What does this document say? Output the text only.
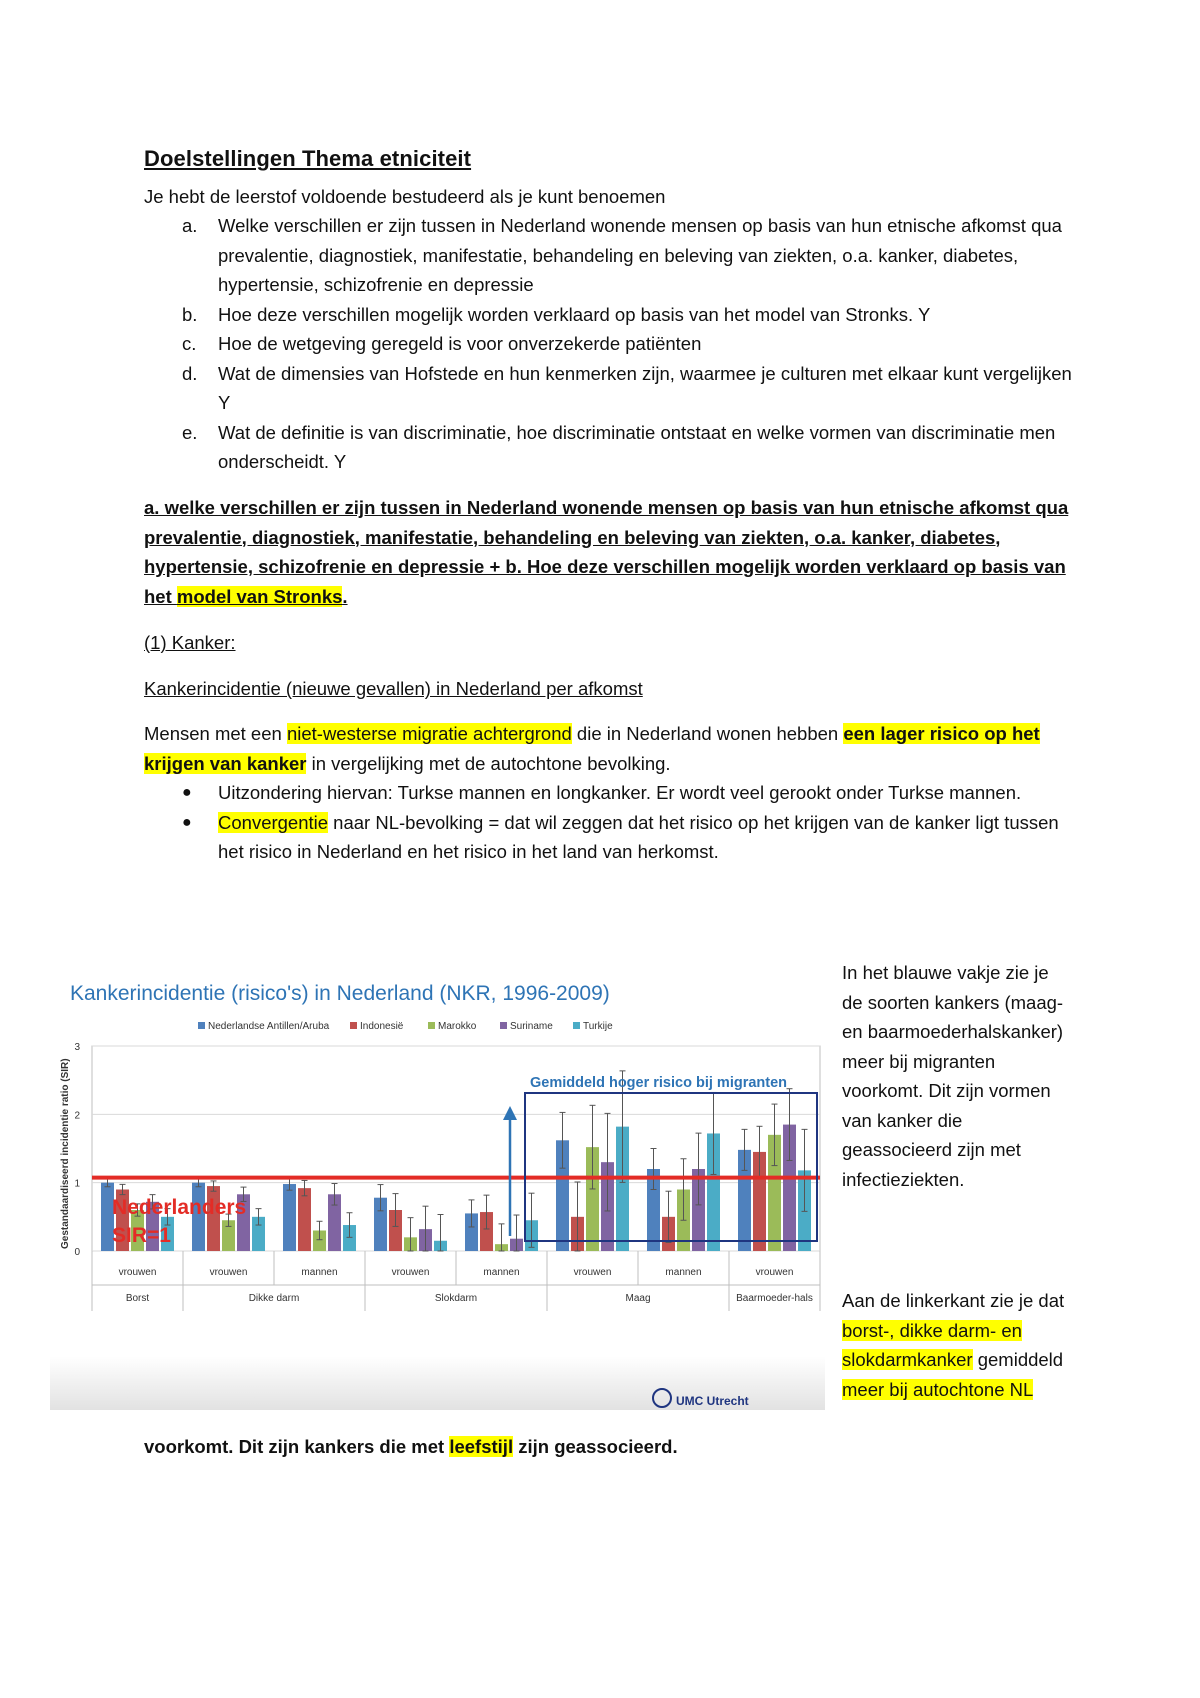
Doelstellingen Thema etniciteit
Je hebt de leerstof voldoende bestudeerd als je kunt benoemen
a. Welke verschillen er zijn tussen in Nederland wonende mensen op basis van hun etnische afkomst qua prevalentie, diagnostiek, manifestatie, behandeling en beleving van ziekten, o.a. kanker, diabetes, hypertensie, schizofrenie en depressie
b. Hoe deze verschillen mogelijk worden verklaard op basis van het model van Stronks. Y
c. Hoe de wetgeving geregeld is voor onverzekerde patiënten
d. Wat de dimensies van Hofstede en hun kenmerken zijn, waarmee je culturen met elkaar kunt vergelijken Y
e. Wat de definitie is van discriminatie, hoe discriminatie ontstaat en welke vormen van discriminatie men onderscheidt. Y
a. welke verschillen er zijn tussen in Nederland wonende mensen op basis van hun etnische afkomst qua prevalentie, diagnostiek, manifestatie, behandeling en beleving van ziekten, o.a. kanker, diabetes, hypertensie, schizofrenie en depressie + b. Hoe deze verschillen mogelijk worden verklaard op basis van het model van Stronks.
(1) Kanker:
Kankerincidentie (nieuwe gevallen) in Nederland per afkomst
Mensen met een niet-westerse migratie achtergrond die in Nederland wonen hebben een lager risico op het krijgen van kanker in vergelijking met de autochtone bevolking.
● Uitzondering hiervan: Turkse mannen en longkanker. Er wordt veel gerookt onder Turkse mannen.
● Convergentie naar NL-bevolking = dat wil zeggen dat het risico op het krijgen van de kanker ligt tussen het risico in Nederland en het risico in het land van herkomst.
Kankerincidentie (risico's) in Nederland (NKR, 1996-2009)
Nederlandse Antillen/Aruba	Indonesië	Marokko	Suriname	Turkije
0
1
2
3
vrouwen	vrouwen	mannen	vrouwen	mannen	vrouwen	mannen	vrouwen
Borst	Dikke darm	Slokdarm	Maag	Baarmoeder-hals
Gestandaardiseerd incidentie ratio (SIR) Nederlanders
SIR=1
Gemiddeld hoger risico bij migranten
UMC Utrecht
In het blauwe vakje zie je de soorten kankers (maag- en baarmoederhalskanker) meer bij migranten voorkomt. Dit zijn vormen van kanker die geassocieerd zijn met infectieziekten.
Aan de linkerkant zie je dat borst-, dikke darm- en slokdarmkanker gemiddeld meer bij autochtone NL
voorkomt. Dit zijn kankers die met leefstijl zijn geassocieerd.
